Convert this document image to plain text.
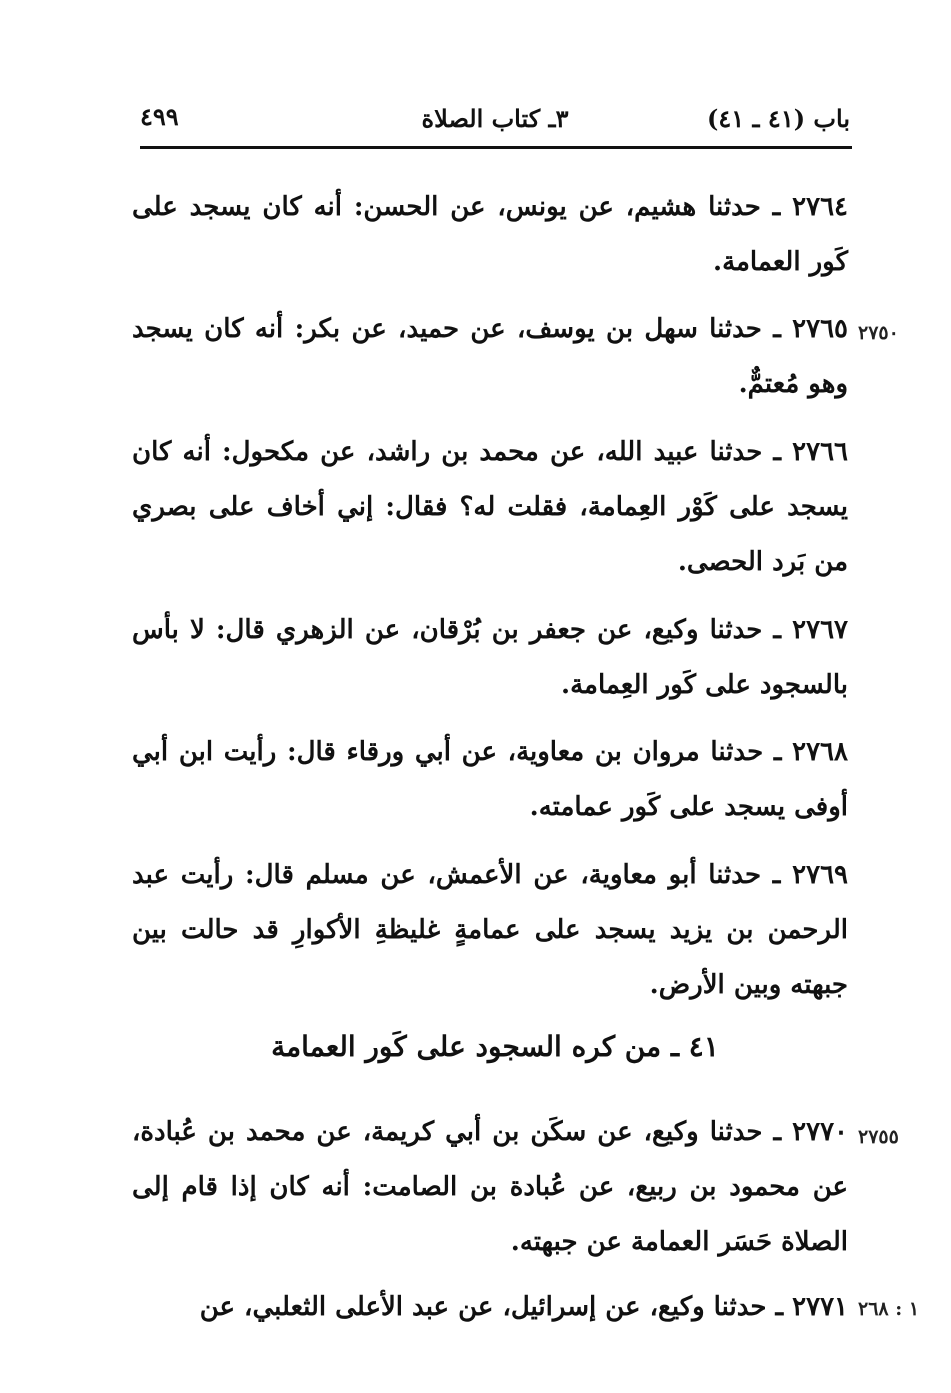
باب (٤١ ـ ٤١)
٣ـ كتاب الصلاة
٤٩٩
٢٧٦٤ ـ حدثنا هشيم، عن يونس، عن الحسن: أنه كان يسجد على كَور العمامة.
٢٧٥٠
٢٧٦٥ ـ حدثنا سهل بن يوسف، عن حميد، عن بكر: أنه كان يسجد وهو مُعتمٌّ.
٢٧٦٦ ـ حدثنا عبيد الله، عن محمد بن راشد، عن مكحول: أنه كان يسجد على كَوْر العِمامة، فقلت له؟ فقال: إني أخاف على بصري من بَرد الحصى.
٢٧٦٧ ـ حدثنا وكيع، عن جعفر بن بُرْقان، عن الزهري قال: لا بأس بالسجود على كَور العِمامة.
٢٧٦٨ ـ حدثنا مروان بن معاوية، عن أبي ورقاء قال: رأيت ابن أبي أوفى يسجد على كَور عمامته.
٢٧٦٩ ـ حدثنا أبو معاوية، عن الأعمش، عن مسلم قال: رأيت عبد الرحمن بن يزيد يسجد على عمامةٍ غليظةِ الأكوارِ قد حالت بين جبهته وبين الأرض.
٤١ ـ من كره السجود على كَور العمامة
٢٧٥٥
٢٧٧٠ ـ حدثنا وكيع، عن سكَن بن أبي كريمة، عن محمد بن عُبادة، عن محمود بن ربيع، عن عُبادة بن الصامت: أنه كان إذا قام إلى الصلاة حَسَر العمامة عن جبهته.
١ : ٢٦٨
٢٧٧١ ـ حدثنا وكيع، عن إسرائيل، عن عبد الأعلى الثعلبي، عن
